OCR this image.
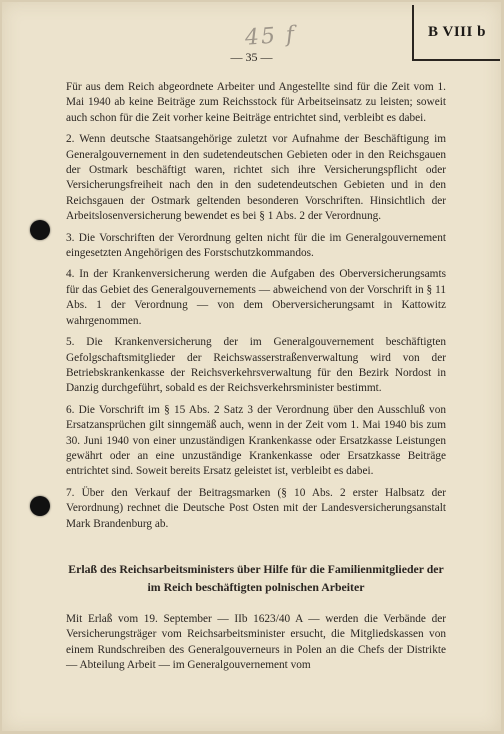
B VIII b
45 f
— 35 —

Für aus dem Reich abgeordnete Arbeiter und Angestellte sind für die Zeit vom 1. Mai 1940 ab keine Beiträge zum Reichsstock für Arbeitseinsatz zu leisten; soweit auch schon für die Zeit vorher keine Beiträge entrichtet sind, verbleibt es dabei.

2. Wenn deutsche Staatsangehörige zuletzt vor Aufnahme der Beschäftigung im Generalgouvernement in den sudetendeutschen Gebieten oder in den Reichsgauen der Ostmark beschäftigt waren, richtet sich ihre Versicherungspflicht oder Versicherungsfreiheit nach den in den sudetendeutschen Gebieten und in den Reichsgauen der Ostmark geltenden besonderen Vorschriften. Hinsichtlich der Arbeitslosenversicherung bewendet es bei § 1 Abs. 2 der Verordnung.

3. Die Vorschriften der Verordnung gelten nicht für die im Generalgouvernement eingesetzten Angehörigen des Forstschutzkommandos.

4. In der Krankenversicherung werden die Aufgaben des Oberversicherungsamts für das Gebiet des Generalgouvernements — abweichend von der Vorschrift in § 11 Abs. 1 der Verordnung — von dem Oberversicherungsamt in Kattowitz wahrgenommen.

5. Die Krankenversicherung der im Generalgouvernement beschäftigten Gefolgschaftsmitglieder der Reichswasserstraßenverwaltung wird von der Betriebskrankenkasse der Reichsverkehrsverwaltung für den Bezirk Nordost in Danzig durchgeführt, sobald es der Reichsverkehrsminister bestimmt.

6. Die Vorschrift im § 15 Abs. 2 Satz 3 der Verordnung über den Ausschluß von Ersatzansprüchen gilt sinngemäß auch, wenn in der Zeit vom 1. Mai 1940 bis zum 30. Juni 1940 von einer unzuständigen Krankenkasse oder Ersatzkasse Leistungen gewährt oder an eine unzuständige Krankenkasse oder Ersatzkasse Beiträge entrichtet sind. Soweit bereits Ersatz geleistet ist, verbleibt es dabei.

7. Über den Verkauf der Beitragsmarken (§ 10 Abs. 2 erster Halbsatz der Verordnung) rechnet die Deutsche Post Osten mit der Landesversicherungsanstalt Mark Brandenburg ab.

Erlaß des Reichsarbeitsministers über Hilfe für die Familienmitglieder der im Reich beschäftigten polnischen Arbeiter

Mit Erlaß vom 19. September — IIb 1623/40 A — werden die Verbände der Versicherungsträger vom Reichsarbeitsminister ersucht, die Mitgliedskassen von einem Rundschreiben des Generalgouverneurs in Polen an die Chefs der Distrikte — Abteilung Arbeit — im Generalgouvernement vom
